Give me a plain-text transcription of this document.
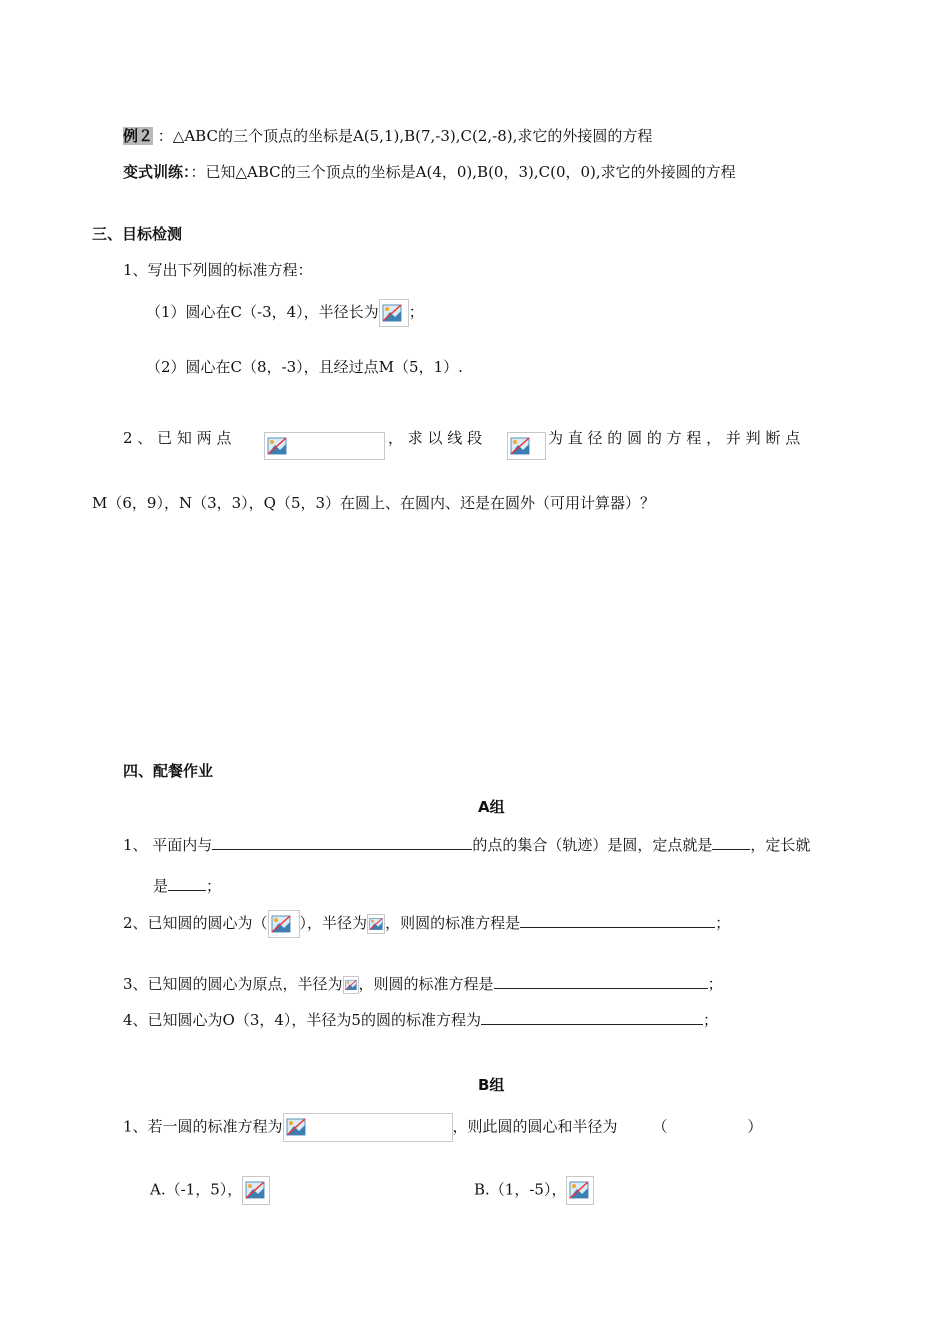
例２ ：△ABC的三个顶点的坐标是A(5,1),B(7,-3),C(2,-8),求它的外接圆的方程
变式训练：：已知△ABC的三个顶点的坐标是A(4，0),B(0，3),C(0，0),求它的外接圆的方程
三、目标检测
1、写出下列圆的标准方程：
（1）圆心在C（-3，4），半径长为 ；
（2）圆心在C（8，-3），且经过点M（5，1）.
2 、 已 知 两 点	， 求 以 线 段	为 直 径 的 圆 的 方 程 ， 并 判 断 点
M（6，9），N（3，3），Q（5，3）在圆上、在圆内、还是在圆外（可用计算器）？
四、配餐作业
A组
1、 平面内与	的点的集合（轨迹）是圆，定点就是	，定长就
是	；
2、已知圆的圆心为（ ），半径为 ，则圆的标准方程是	；
3、已知圆的圆心为原点，半径为 ，则圆的标准方程是	；
4、已知圆心为O（3，4），半径为5的圆的标准方程为	；
B组
1、若一圆的标准方程为	，则此圆的圆心和半径为 （	）
A.（-1，5），	B.（1，-5），
